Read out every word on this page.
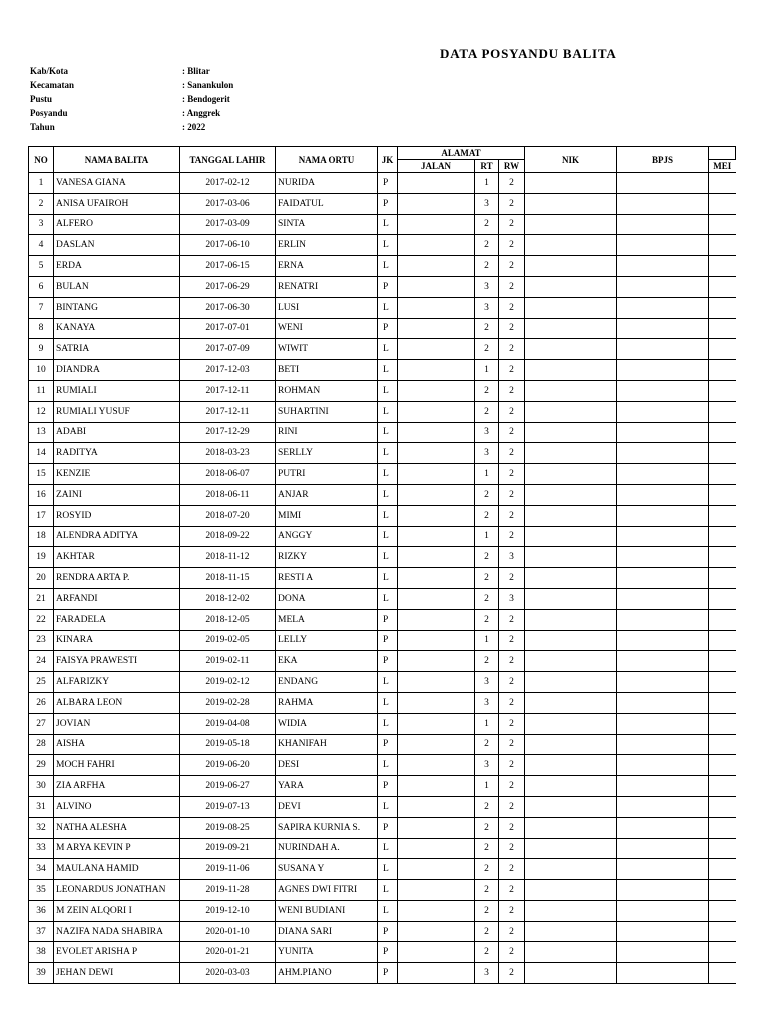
DATA POSYANDU BALITA
Kab/Kota	: Blitar
Kecamatan	: Sanankulon
Pustu	: Bendogerit
Posyandu	: Anggrek
Tahun	: 2022
NO	NAMA BALITA	TANGGAL LAHIR	NAMA ORTU	JK	ALAMAT			NIK	BPJS	
					JALAN	RT	RW			MEI
1	VANESA GIANA	2017-02-12	NURIDA	P		1	2			
2	ANISA UFAIROH	2017-03-06	FAIDATUL	P		3	2			
3	ALFERO	2017-03-09	SINTA	L		2	2			
4	DASLAN	2017-06-10	ERLIN	L		2	2			
5	ERDA	2017-06-15	ERNA	L		2	2			
6	BULAN	2017-06-29	RENATRI	P		3	2			
7	BINTANG	2017-06-30	LUSI	L		3	2			
8	KANAYA	2017-07-01	WENI	P		2	2			
9	SATRIA	2017-07-09	WIWIT	L		2	2			
10	DIANDRA	2017-12-03	BETI	L		1	2			
11	RUMIALI	2017-12-11	ROHMAN	L		2	2			
12	RUMIALI YUSUF	2017-12-11	SUHARTINI	L		2	2			
13	ADABI	2017-12-29	RINI	L		3	2			
14	RADITYA	2018-03-23	SERLLY	L		3	2			
15	KENZIE	2018-06-07	PUTRI	L		1	2			
16	ZAINI	2018-06-11	ANJAR	L		2	2			
17	ROSYID	2018-07-20	MIMI	L		2	2			
18	ALENDRA ADITYA	2018-09-22	ANGGY	L		1	2			
19	AKHTAR	2018-11-12	RIZKY	L		2	3			
20	RENDRA ARTA P.	2018-11-15	RESTI A	L		2	2			
21	ARFANDI	2018-12-02	DONA	L		2	3			
22	FARADELA	2018-12-05	MELA	P		2	2			
23	KINARA	2019-02-05	LELLY	P		1	2			
24	FAISYA PRAWESTI	2019-02-11	EKA	P		2	2			
25	ALFARIZKY	2019-02-12	ENDANG	L		3	2			
26	ALBARA LEON	2019-02-28	RAHMA	L		3	2			
27	JOVIAN	2019-04-08	WIDIA	L		1	2			
28	AISHA	2019-05-18	KHANIFAH	P		2	2			
29	MOCH FAHRI	2019-06-20	DESI	L		3	2			
30	ZIA ARFHA	2019-06-27	YARA	P		1	2			
31	ALVINO	2019-07-13	DEVI	L		2	2			
32	NATHA ALESHA	2019-08-25	SAPIRA KURNIA S.	P		2	2			
33	M ARYA KEVIN P	2019-09-21	NURINDAH A.	L		2	2			
34	MAULANA HAMID	2019-11-06	SUSANA Y	L		2	2			
35	LEONARDUS JONATHAN	2019-11-28	AGNES DWI FITRI	L		2	2			
36	M ZEIN ALQORI I	2019-12-10	WENI BUDIANI	L		2	2			
37	NAZIFA NADA SHABIRA	2020-01-10	DIANA SARI	P		2	2			
38	EVOLET ARISHA P	2020-01-21	YUNITA	P		2	2			
39	JEHAN DEWI	2020-03-03	AHM.PIANO	P		3	2			
